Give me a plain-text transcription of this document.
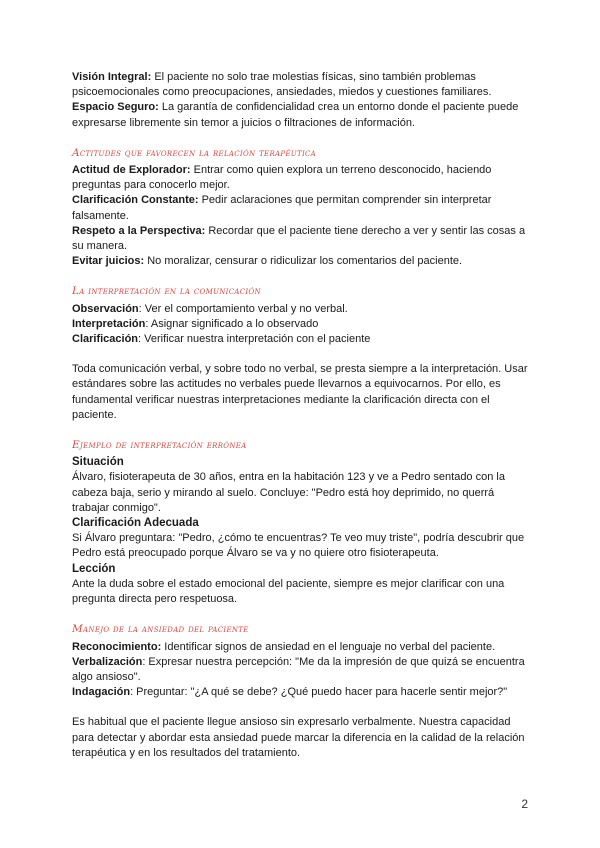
Visión Integral: El paciente no solo trae molestias físicas, sino también problemas psicoemocionales como preocupaciones, ansiedades, miedos y cuestiones familiares.

Espacio Seguro: La garantía de confidencialidad crea un entorno donde el paciente puede expresarse libremente sin temor a juicios o filtraciones de información.

Actitudes que favorecen la relación terapéutica

Actitud de Explorador: Entrar como quien explora un terreno desconocido, haciendo preguntas para conocerlo mejor.

Clarificación Constante: Pedir aclaraciones que permitan comprender sin interpretar falsamente.

Respeto a la Perspectiva: Recordar que el paciente tiene derecho a ver y sentir las cosas a su manera.

Evitar juicios: No moralizar, censurar o ridiculizar los comentarios del paciente.

La interpretación en la comunicación

Observación: Ver el comportamiento verbal y no verbal.

Interpretación: Asignar significado a lo observado

Clarificación: Verificar nuestra interpretación con el paciente

Toda comunicación verbal, y sobre todo no verbal, se presta siempre a la interpretación. Usar estándares sobre las actitudes no verbales puede llevarnos a equivocarnos. Por ello, es fundamental verificar nuestras interpretaciones mediante la clarificación directa con el paciente.

Ejemplo de interpretación errónea

Situación

Álvaro, fisioterapeuta de 30 años, entra en la habitación 123 y ve a Pedro sentado con la cabeza baja, serio y mirando al suelo. Concluye: "Pedro está hoy deprimido, no querrá trabajar conmigo".

Clarificación Adecuada

Si Álvaro preguntara: "Pedro, ¿cómo te encuentras? Te veo muy triste", podría descubrir que Pedro está preocupado porque Álvaro se va y no quiere otro fisioterapeuta.

Lección

Ante la duda sobre el estado emocional del paciente, siempre es mejor clarificar con una pregunta directa pero respetuosa.

Manejo de la ansiedad del paciente

Reconocimiento: Identificar signos de ansiedad en el lenguaje no verbal del paciente.

Verbalización: Expresar nuestra percepción: "Me da la impresión de que quizá se encuentra algo ansioso".

Indagación: Preguntar: "¿A qué se debe? ¿Qué puedo hacer para hacerle sentir mejor?"

Es habitual que el paciente llegue ansioso sin expresarlo verbalmente. Nuestra capacidad para detectar y abordar esta ansiedad puede marcar la diferencia en la calidad de la relación terapéutica y en los resultados del tratamiento.

2
